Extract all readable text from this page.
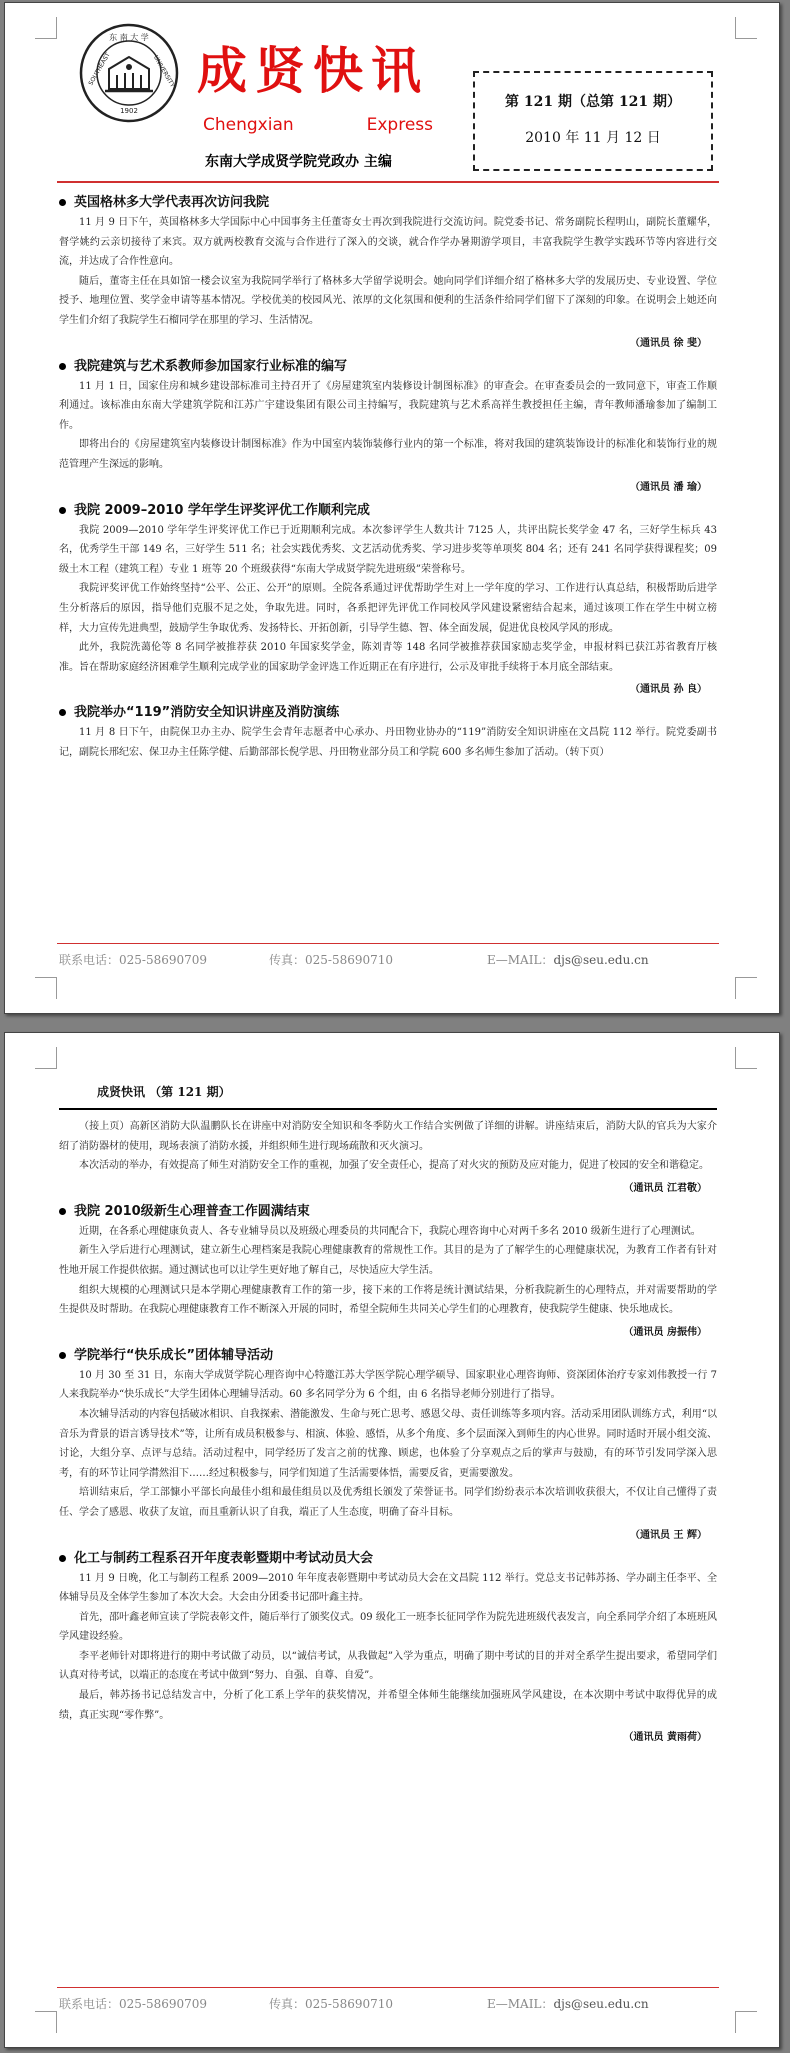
东 南 大 学
SOUTHEAST	UNIVERSITY
1902
成贤快讯
Chengxian	Express
东南大学成贤学院党政办 主编
第 121 期（总第 121 期）
2010 年 11 月 12 日
英国格林多大学代表再次访问我院

11 月 9 日下午，英国格林多大学国际中心中国事务主任董寄女士再次到我院进行交流访问。院党委书记、常务副院长程明山，副院长董耀华，督学姚约云亲切接待了来宾。双方就两校教育交流与合作进行了深入的交谈，就合作学办暑期游学项目，丰富我院学生教学实践环节等内容进行交流，并达成了合作性意向。

随后，董寄主任在具如馆一楼会议室为我院同学举行了格林多大学留学说明会。她向同学们详细介绍了格林多大学的发展历史、专业设置、学位授予、地理位置、奖学金申请等基本情况。学校优美的校园风光、浓厚的文化氛围和便利的生活条件给同学们留下了深刻的印象。在说明会上她还向学生们介绍了我院学生石榴同学在那里的学习、生活情况。

（通讯员 徐 斐）
我院建筑与艺术系教师参加国家行业标准的编写

11 月 1 日，国家住房和城乡建设部标准司主持召开了《房屋建筑室内装修设计制图标准》的审查会。在审查委员会的一致同意下，审查工作顺利通过。该标准由东南大学建筑学院和江苏广宇建设集团有限公司主持编写，我院建筑与艺术系高祥生教授担任主编，青年教师潘瑜参加了编制工作。

即将出台的《房屋建筑室内装修设计制图标准》作为中国室内装饰装修行业内的第一个标准，将对我国的建筑装饰设计的标准化和装饰行业的规范管理产生深远的影响。

（通讯员 潘 瑜）
我院 2009–2010 学年学生评奖评优工作顺利完成

我院 2009—2010 学年学生评奖评优工作已于近期顺利完成。本次参评学生人数共计 7125 人，共评出院长奖学金 47 名，三好学生标兵 43 名，优秀学生干部 149 名，三好学生 511 名；社会实践优秀奖、文艺活动优秀奖、学习进步奖等单项奖 804 名；还有 241 名同学获得课程奖；09 级土木工程（建筑工程）专业 1 班等 20 个班级获得“东南大学成贤学院先进班级”荣誉称号。

我院评奖评优工作始终坚持“公平、公正、公开”的原则。全院各系通过评优帮助学生对上一学年度的学习、工作进行认真总结，积极帮助后进学生分析落后的原因，指导他们克服不足之处，争取先进。同时，各系把评先评优工作同校风学风建设紧密结合起来，通过该项工作在学生中树立榜样，大力宣传先进典型，鼓励学生争取优秀、发扬特长、开拓创新，引导学生德、智、体全面发展，促进优良校风学风的形成。

此外，我院洗蔼伦等 8 名同学被推荐获 2010 年国家奖学金，陈刘青等 148 名同学被推荐获国家励志奖学金，申报材料已获江苏省教育厅核准。旨在帮助家庭经济困难学生顺利完成学业的国家助学金评选工作近期正在有序进行，公示及审批手续将于本月底全部结束。

（通讯员 孙 良）
我院举办“119”消防安全知识讲座及消防演练

11 月 8 日下午，由院保卫办主办、院学生会青年志愿者中心承办、丹田物业协办的“119”消防安全知识讲座在文昌院 112 举行。院党委副书记，副院长邢纪宏、保卫办主任陈学健、后勤部部长倪学思、丹田物业部分员工和学院 600 多名师生参加了活动。（转下页）

联系电话：025-58690709	传真：025-58690710	E—MAIL：djs@seu.edu.cn
成贤快讯 （第 121 期）

（接上页）高新区消防大队温鹏队长在讲座中对消防安全知识和冬季防火工作结合实例做了详细的讲解。讲座结束后，消防大队的官兵为大家介绍了消防器材的使用，现场表演了消防水援，并组织师生进行现场疏散和灭火演习。

本次活动的举办，有效提高了师生对消防安全工作的重视，加强了安全责任心，提高了对火灾的预防及应对能力，促进了校园的安全和谐稳定。

（通讯员 江君敬）
我院 2010级新生心理普查工作圆满结束

近期，在各系心理健康负责人、各专业辅导员以及班级心理委员的共同配合下，我院心理咨询中心对两千多名 2010 级新生进行了心理测试。

新生入学后进行心理测试，建立新生心理档案是我院心理健康教育的常规性工作。其目的是为了了解学生的心理健康状况，为教育工作者有针对性地开展工作提供依据。通过测试也可以让学生更好地了解自己，尽快适应大学生活。

组织大规模的心理测试只是本学期心理健康教育工作的第一步，接下来的工作将是统计测试结果，分析我院新生的心理特点，并对需要帮助的学生提供及时帮助。在我院心理健康教育工作不断深入开展的同时，希望全院师生共同关心学生们的心理教育，使我院学生健康、快乐地成长。

（通讯员 房振伟）
学院举行“快乐成长”团体辅导活动

10 月 30 至 31 日，东南大学成贤学院心理咨询中心特邀江苏大学医学院心理学硕导、国家职业心理咨询师、资深团体治疗专家刘伟教授一行 7 人来我院举办“快乐成长”大学生团体心理辅导活动。60 多名同学分为 6 个组，由 6 名指导老师分别进行了指导。

本次辅导活动的内容包括破冰相识、自我探索、潜能激发、生命与死亡思考、感恩父母、责任训练等多项内容。活动采用团队训练方式，利用“以音乐为背景的语言诱导技术”等，让所有成员积极参与、相演、体验、感悟，从多个角度、多个层面深入到师生的内心世界。同时适时开展小组交流、讨论，大组分享、点评与总结。活动过程中，同学经历了发言之前的忧豫、顾虑，也体验了分享观点之后的掌声与鼓励，有的环节引发同学深入思考，有的环节让同学潸然泪下……经过积极参与，同学们知道了生活需要体悟，需要反省，更需要激发。

培训结束后，学工部慷小平部长向最佳小组和最佳组员以及优秀组长颁发了荣誉证书。同学们纷纷表示本次培训收获很大，不仅让自己懂得了责任、学会了感恩、收获了友谊，而且重新认识了自我，端正了人生态度，明确了奋斗目标。

（通讯员 王 辉）
化工与制药工程系召开年度表彰暨期中考试动员大会

11 月 9 日晚，化工与制药工程系 2009—2010 年年度表彰暨期中考试动员大会在文昌院 112 举行。党总支书记韩苏扬、学办副主任李平、全体辅导员及全体学生参加了本次大会。大会由分团委书记邵叶鑫主持。

首先，邵叶鑫老师宣读了学院表彰文件，随后举行了颁奖仪式。09 级化工一班李长征同学作为院先进班级代表发言，向全系同学介绍了本班班风学风建设经验。

李平老师针对即将进行的期中考试做了动员，以“诚信考试，从我做起”入学为重点，明确了期中考试的目的并对全系学生提出要求，希望同学们认真对待考试，以端正的态度在考试中做到“努力、自强、自尊、自爱”。

最后，韩苏扬书记总结发言中，分析了化工系上学年的获奖情况，并希望全体师生能继续加强班风学风建设，在本次期中考试中取得优异的成绩，真正实现“零作弊”。

（通讯员 黄雨荷）
联系电话：025-58690709	传真：025-58690710	E—MAIL：djs@seu.edu.cn
